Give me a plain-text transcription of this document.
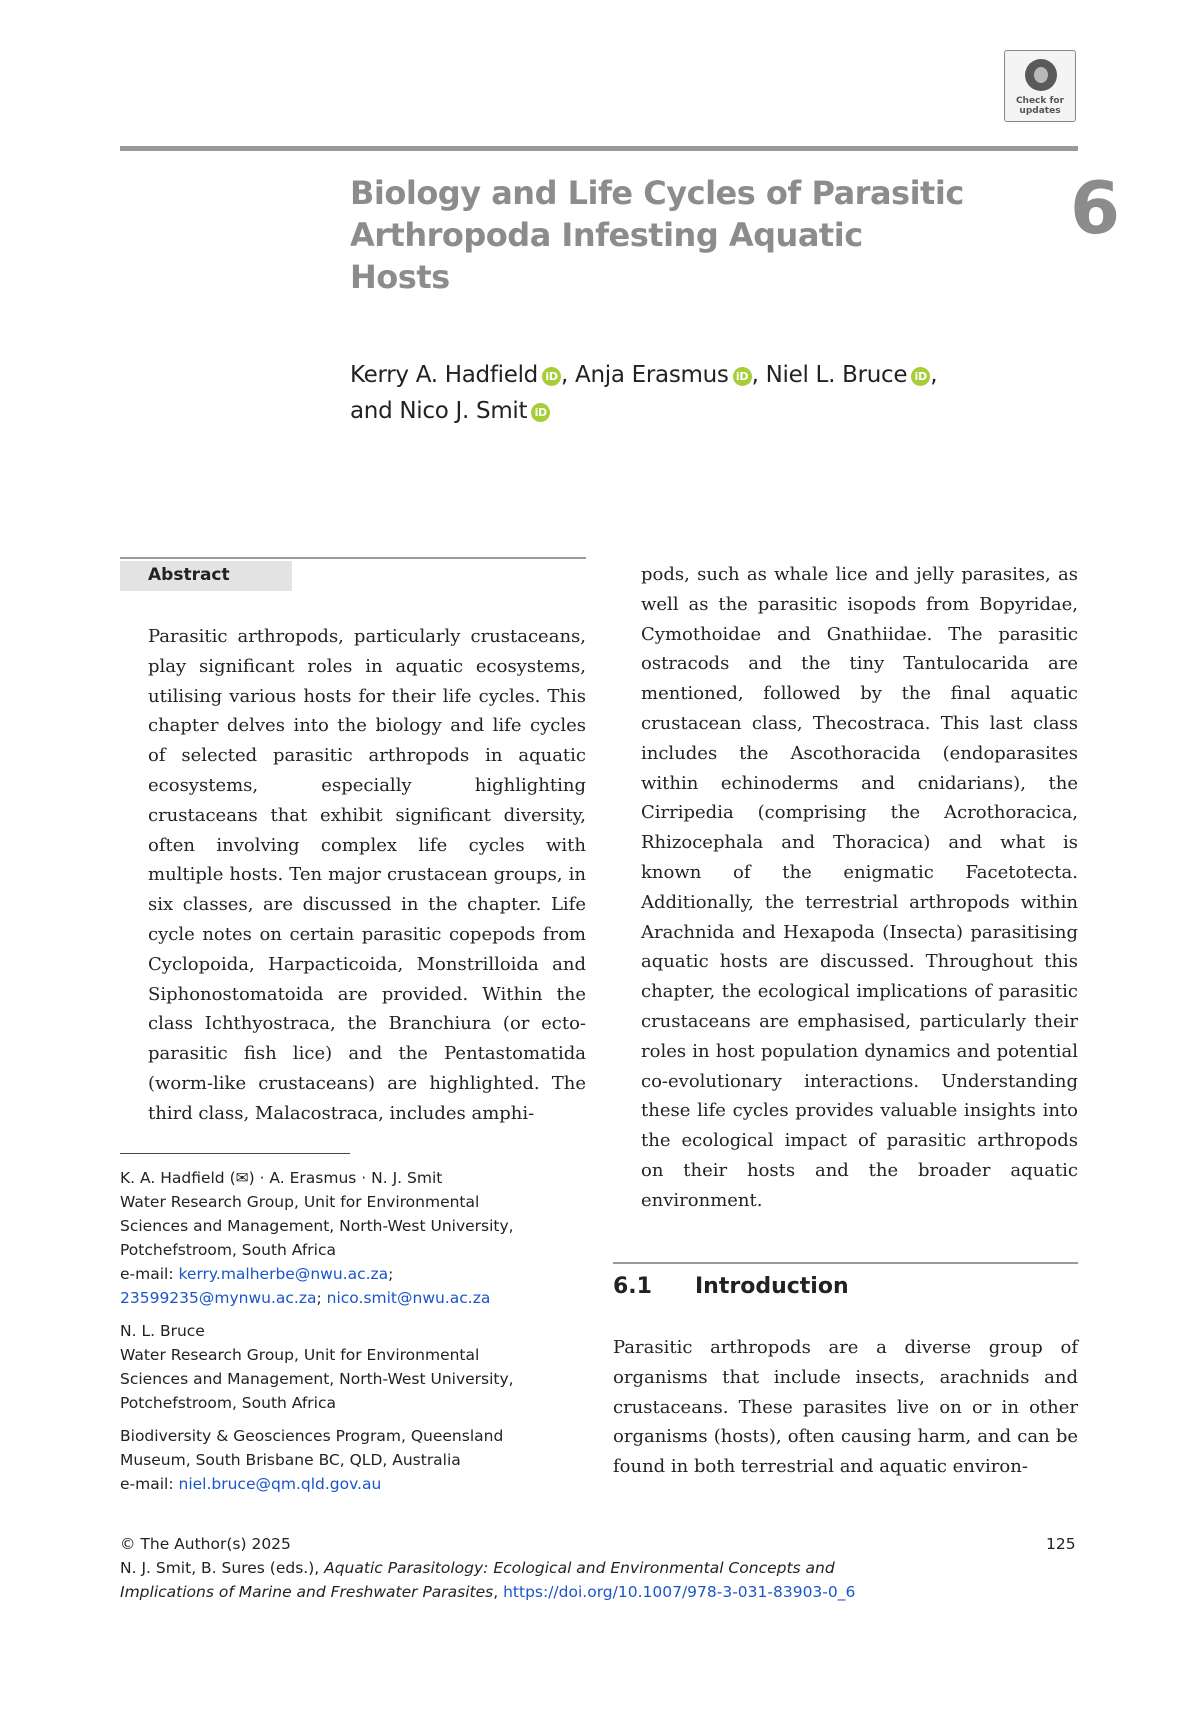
Check for
updates
Biology and Life Cycles of Parasitic
Arthropoda Infesting Aquatic
Hosts
6
Kerry A. Hadfield iD , Anja Erasmus iD , Niel L. Bruce iD ,
and Nico J. Smit iD
Abstract

Parasitic arthropods, particularly crustaceans, play significant roles in aquatic ecosystems, utilising various hosts for their life cycles. This chapter delves into the biology and life cycles of selected parasitic arthropods in aquatic ecosystems, especially highlighting crustaceans that exhibit significant diversity, often involving complex life cycles with multiple hosts. Ten major crustacean groups, in six classes, are discussed in the chapter. Life cycle notes on certain parasitic copepods from Cyclopoida, Harpacticoida, Monstrilloida and Siphonostomatoida are provided. Within the class Ichthyostraca, the Branchiura (or ecto-parasitic fish lice) and the Pentastomatida (worm-like crustaceans) are highlighted. The third class, Malacostraca, includes amphi-

pods, such as whale lice and jelly parasites, as well as the parasitic isopods from Bopyridae, Cymothoidae and Gnathiidae. The parasitic ostracods and the tiny Tantulocarida are mentioned, followed by the final aquatic crustacean class, Thecostraca. This last class includes the Ascothoracida (endoparasites within echinoderms and cnidarians), the Cirripedia (comprising the Acrothoracica, Rhizocephala and Thoracica) and what is known of the enigmatic Facetotecta. Additionally, the terrestrial arthropods within Arachnida and Hexapoda (Insecta) parasitising aquatic hosts are discussed. Throughout this chapter, the ecological implications of parasitic crustaceans are emphasised, particularly their roles in host population dynamics and potential co-evolutionary interactions. Understanding these life cycles provides valuable insights into the ecological impact of parasitic arthropods on their hosts and the broader aquatic environment.

K. A. Hadfield (✉) · A. Erasmus · N. J. Smit
Water Research Group, Unit for Environmental
Sciences and Management, North-West University,
Potchefstroom, South Africa
e-mail: kerry.malherbe@nwu.ac.za;
23599235@mynwu.ac.za; nico.smit@nwu.ac.za
N. L. Bruce
Water Research Group, Unit for Environmental
Sciences and Management, North-West University,
Potchefstroom, South Africa
Biodiversity & Geosciences Program, Queensland
Museum, South Brisbane BC, QLD, Australia
e-mail: niel.bruce@qm.qld.gov.au
6.1 Introduction

Parasitic arthropods are a diverse group of organisms that include insects, arachnids and crustaceans. These parasites live on or in other organisms (hosts), often causing harm, and can be found in both terrestrial and aquatic environ-

© The Author(s) 2025	125
N. J. Smit, B. Sures (eds.), Aquatic Parasitology: Ecological and Environmental Concepts and
Implications of Marine and Freshwater Parasites, https://doi.org/10.1007/978-3-031-83903-0_6
